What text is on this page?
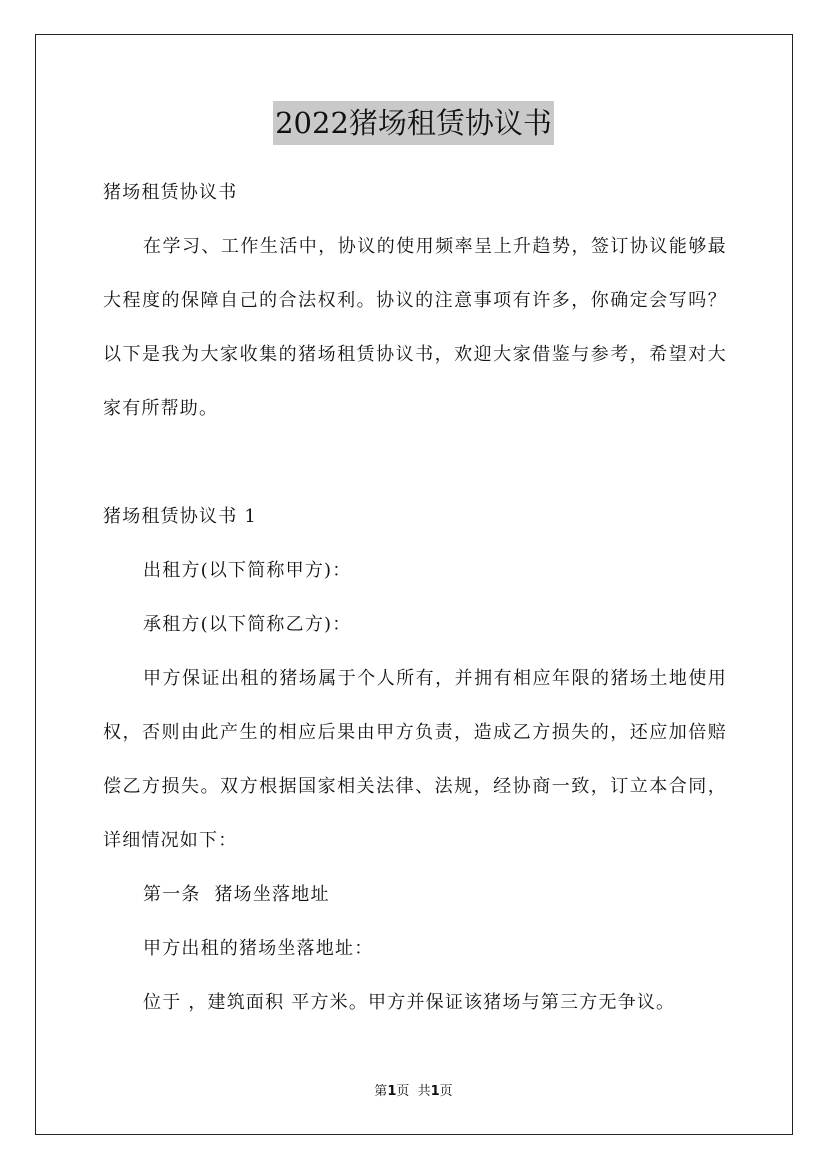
2022猪场租赁协议书
猪场租赁协议书
在学习、工作生活中，协议的使用频率呈上升趋势，签订协议能够最大程度的保障自己的合法权利。协议的注意事项有许多，你确定会写吗？以下是我为大家收集的猪场租赁协议书，欢迎大家借鉴与参考，希望对大家有所帮助。
猪场租赁协议书 1
出租方(以下简称甲方)：
承租方(以下简称乙方)：
甲方保证出租的猪场属于个人所有，并拥有相应年限的猪场土地使用权，否则由此产生的相应后果由甲方负责，造成乙方损失的，还应加倍赔偿乙方损失。双方根据国家相关法律、法规，经协商一致，订立本合同，详细情况如下：
第一条  猪场坐落地址
甲方出租的猪场坐落地址：
位于 ，建筑面积 平方米。甲方并保证该猪场与第三方无争议。
第1页  共1页
